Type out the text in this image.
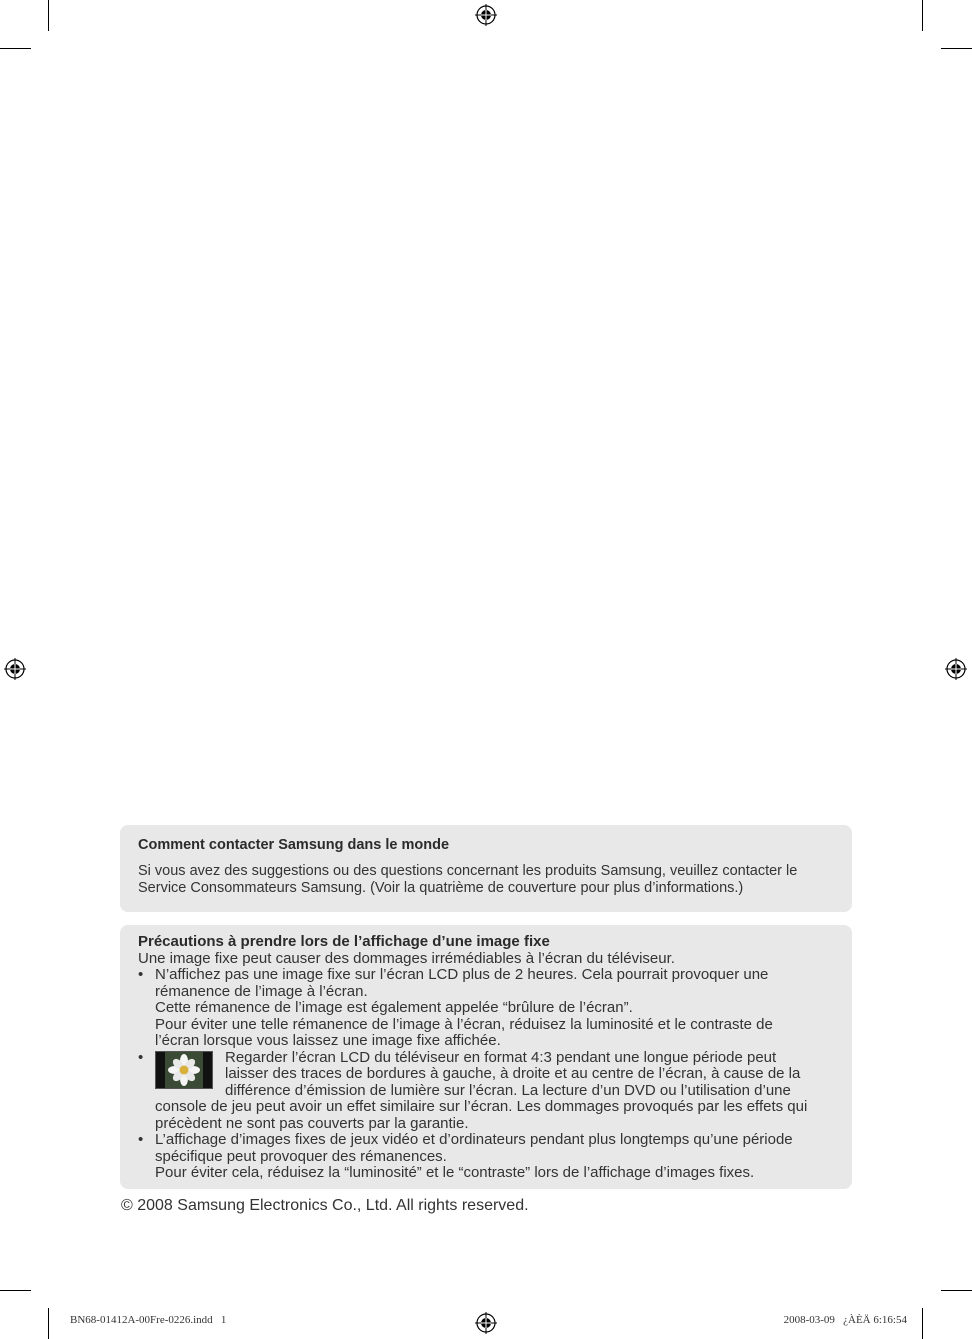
Comment contacter Samsung dans le monde
Si vous avez des suggestions ou des questions concernant les produits Samsung, veuillez contacter le
Service Consommateurs Samsung. (Voir la quatrième de couverture pour plus d’informations.)
Précautions à prendre lors de l’affichage d’une image fixe
Une image fixe peut causer des dommages irrémédiables à l’écran du téléviseur.
• N’affichez pas une image fixe sur l’écran LCD plus de 2 heures. Cela pourrait provoquer une
rémanence de l’image à l’écran.
Cette rémanence de l’image est également appelée “brûlure de l’écran”.
Pour éviter une telle rémanence de l’image à l’écran, réduisez la luminosité et le contraste de
l’écran lorsque vous laissez une image fixe affichée.
•	Regarder l’écran LCD du téléviseur en format 4:3 pendant une longue période peut
laisser des traces de bordures à gauche, à droite et au centre de l’écran, à cause de la
différence d’émission de lumière sur l’écran. La lecture d’un DVD ou l’utilisation d’une
console de jeu peut avoir un effet similaire sur l’écran. Les dommages provoqués par les effets qui
précèdent ne sont pas couverts par la garantie.
• L’affichage d’images fixes de jeux vidéo et d’ordinateurs pendant plus longtemps qu’une période
spécifique peut provoquer des rémanences.
Pour éviter cela, réduisez la “luminosité” et le “contraste” lors de l’affichage d’images fixes.
© 2008 Samsung Electronics Co., Ltd. All rights reserved.
BN68-01412A-00Fre-0226.indd   1	2008-03-09   ¿ÀÈÄ 6:16:54
